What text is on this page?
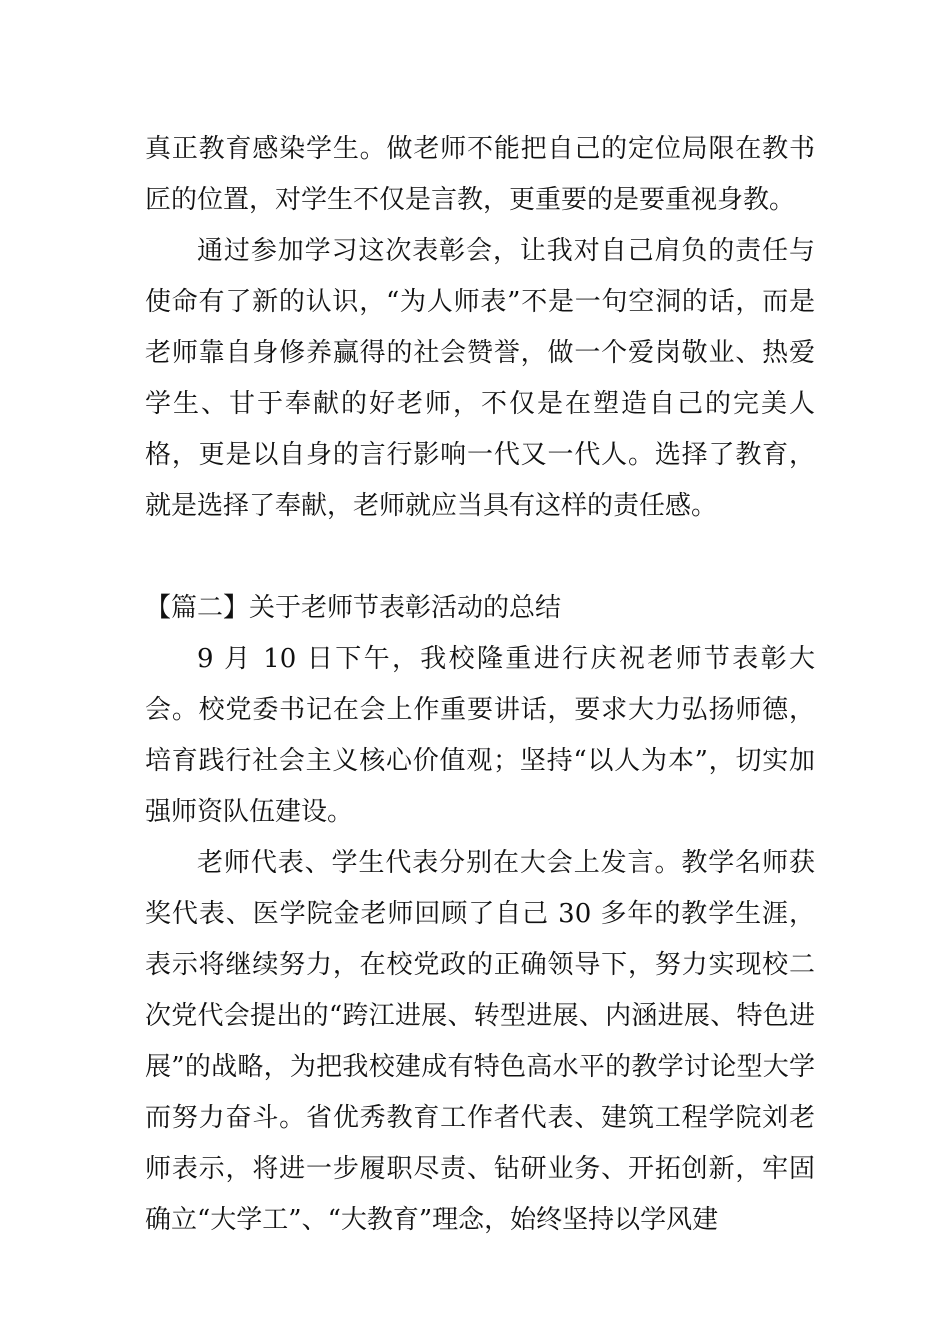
真正教育感染学生。做老师不能把自己的定位局限在教书匠的位置，对学生不仅是言教，更重要的是要重视身教。

通过参加学习这次表彰会，让我对自己肩负的责任与使命有了新的认识，“为人师表”不是一句空洞的话，而是老师靠自身修养赢得的社会赞誉，做一个爱岗敬业、热爱学生、甘于奉献的好老师，不仅是在塑造自己的完美人格，更是以自身的言行影响一代又一代人。选择了教育，就是选择了奉献，老师就应当具有这样的责任感。

【篇二】关于老师节表彰活动的总结

9 月 10 日下午，我校隆重进行庆祝老师节表彰大会。校党委书记在会上作重要讲话，要求大力弘扬师德，培育践行社会主义核心价值观；坚持“以人为本”，切实加强师资队伍建设。

老师代表、学生代表分别在大会上发言。教学名师获奖代表、医学院金老师回顾了自己 30 多年的教学生涯，表示将继续努力，在校党政的正确领导下，努力实现校二次党代会提出的“跨江进展、转型进展、内涵进展、特色进展”的战略，为把我校建成有特色高水平的教学讨论型大学而努力奋斗。省优秀教育工作者代表、建筑工程学院刘老师表示，将进一步履职尽责、钻研业务、开拓创新，牢固确立“大学工”、“大教育”理念，始终坚持以学风建
